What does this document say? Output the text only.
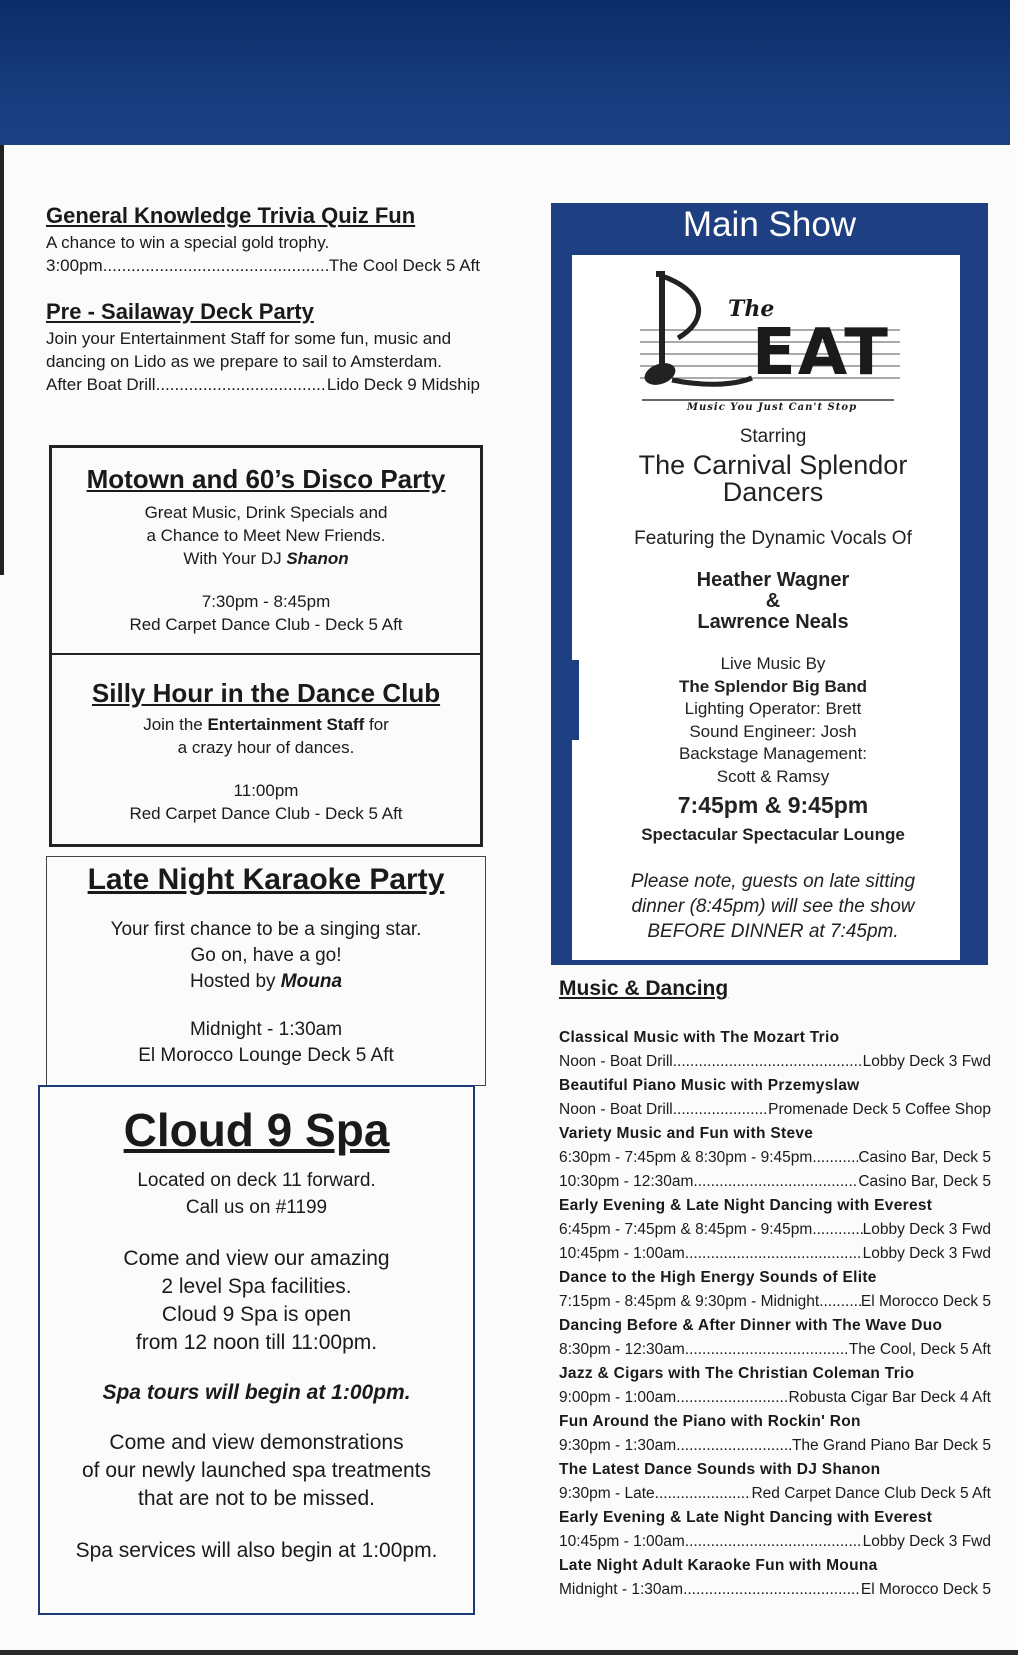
General Knowledge Trivia Quiz Fun
A chance to win a special gold trophy.
3:00pm .....	The Cool Deck 5 Aft
Pre - Sailaway Deck Party
Join your Entertainment Staff for some fun, music and dancing on Lido as we prepare to sail to Amsterdam.
After Boat Drill .....	Lido Deck 9 Midship
Motown and 60’s Disco Party
Great Music, Drink Specials and
a Chance to Meet New Friends.
With Your DJ Shanon
7:30pm - 8:45pm
Red Carpet Dance Club - Deck 5 Aft
Silly Hour in the Dance Club
Join the Entertainment Staff for
a crazy hour of dances.
11:00pm
Red Carpet Dance Club - Deck 5 Aft
Late Night Karaoke Party
Your first chance to be a singing star.
Go on, have a go!
Hosted by Mouna
Midnight - 1:30am
El Morocco Lounge Deck 5 Aft
Cloud 9 Spa
Located on deck 11 forward.
Call us on #1199
Come and view our amazing
2 level Spa facilities.
Cloud 9 Spa is open
from 12 noon till 11:00pm.
Spa tours will begin at 1:00pm.
Come and view demonstrations
of our newly launched spa treatments
that are not to be missed.
Spa services will also begin at 1:00pm.
Main Show
The
EAT
Music You Just Can't Stop
Starring
The Carnival Splendor
Dancers
Featuring the Dynamic Vocals Of
Heather Wagner
&
Lawrence Neals
Live Music By
The Splendor Big Band
Lighting Operator: Brett
Sound Engineer: Josh
Backstage Management:
Scott & Ramsy
7:45pm & 9:45pm
Spectacular Spectacular Lounge
Please note, guests on late sitting
dinner (8:45pm) will see the show
BEFORE DINNER at 7:45pm.
Music & Dancing
Classical Music with The Mozart Trio
Noon - Boat Drill .....	Lobby Deck 3 Fwd
Beautiful Piano Music with Przemyslaw
Noon - Boat Drill.. .....	Promenade Deck 5 Coffee Shop
Variety Music and Fun with Steve
6:30pm - 7:45pm & 8:30pm - 9:45pm .....	Casino Bar, Deck 5
10:30pm - 12:30am .....	Casino Bar, Deck 5
Early Evening & Late Night Dancing with Everest
6:45pm - 7:45pm & 8:45pm - 9:45pm .....	Lobby Deck 3 Fwd
10:45pm - 1:00am .....	Lobby Deck 3 Fwd
Dance to the High Energy Sounds of Elite
7:15pm - 8:45pm & 9:30pm - Midnight .....	El Morocco Deck 5
Dancing Before & After Dinner with The Wave Duo
8:30pm - 12:30am .....	The Cool, Deck 5 Aft
Jazz & Cigars with The Christian Coleman Trio
9:00pm - 1:00am .....	Robusta Cigar Bar Deck 4 Aft
Fun Around the Piano with Rockin' Ron
9:30pm - 1:30am .....	The Grand Piano Bar Deck 5
The Latest Dance Sounds with DJ Shanon
9:30pm - Late .....	Red Carpet Dance Club Deck 5 Aft
Early Evening & Late Night Dancing with Everest
10:45pm - 1:00am .....	Lobby Deck 3 Fwd
Late Night Adult Karaoke Fun with Mouna
Midnight - 1:30am .....	El Morocco Deck 5
